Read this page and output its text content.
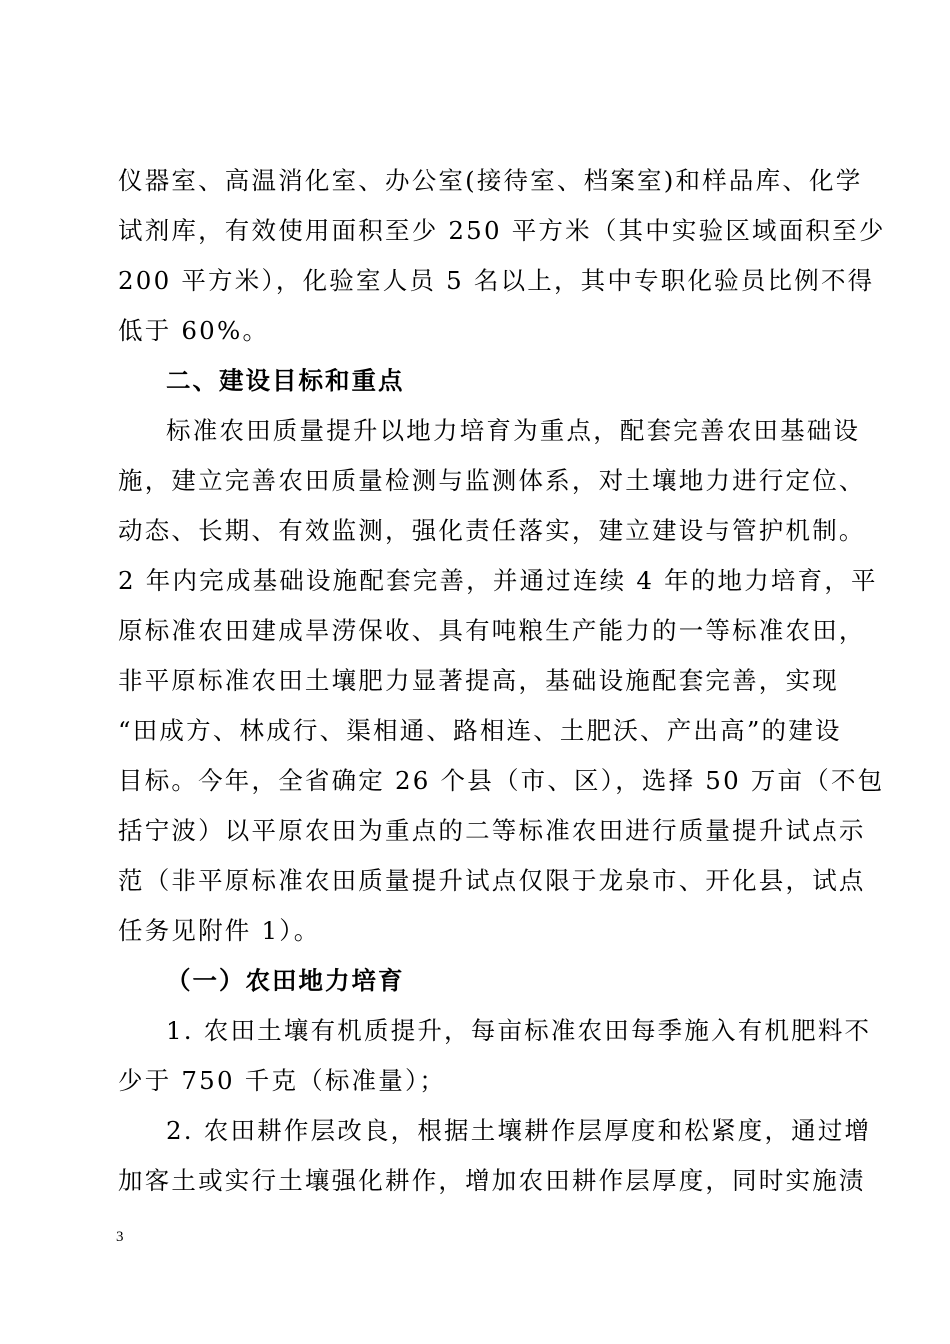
仪器室、高温消化室、办公室(接待室、档案室)和样品库、化学
试剂库，有效使用面积至少 250 平方米（其中实验区域面积至少
200 平方米），化验室人员 5 名以上，其中专职化验员比例不得
低于 60%。
二、建设目标和重点
标准农田质量提升以地力培育为重点，配套完善农田基础设
施，建立完善农田质量检测与监测体系，对土壤地力进行定位、
动态、长期、有效监测，强化责任落实，建立建设与管护机制。
2 年内完成基础设施配套完善，并通过连续 4 年的地力培育，平
原标准农田建成旱涝保收、具有吨粮生产能力的一等标准农田，
非平原标准农田土壤肥力显著提高，基础设施配套完善，实现
“田成方、林成行、渠相通、路相连、土肥沃、产出高”的建设
目标。今年，全省确定 26 个县（市、区），选择 50 万亩（不包
括宁波）以平原农田为重点的二等标准农田进行质量提升试点示
范（非平原标准农田质量提升试点仅限于龙泉市、开化县，试点
任务见附件 1）。
（一）农田地力培育
1. 农田土壤有机质提升，每亩标准农田每季施入有机肥料不
少于 750 千克（标准量）；
2. 农田耕作层改良，根据土壤耕作层厚度和松紧度，通过增
加客土或实行土壤强化耕作，增加农田耕作层厚度，同时实施渍
3
